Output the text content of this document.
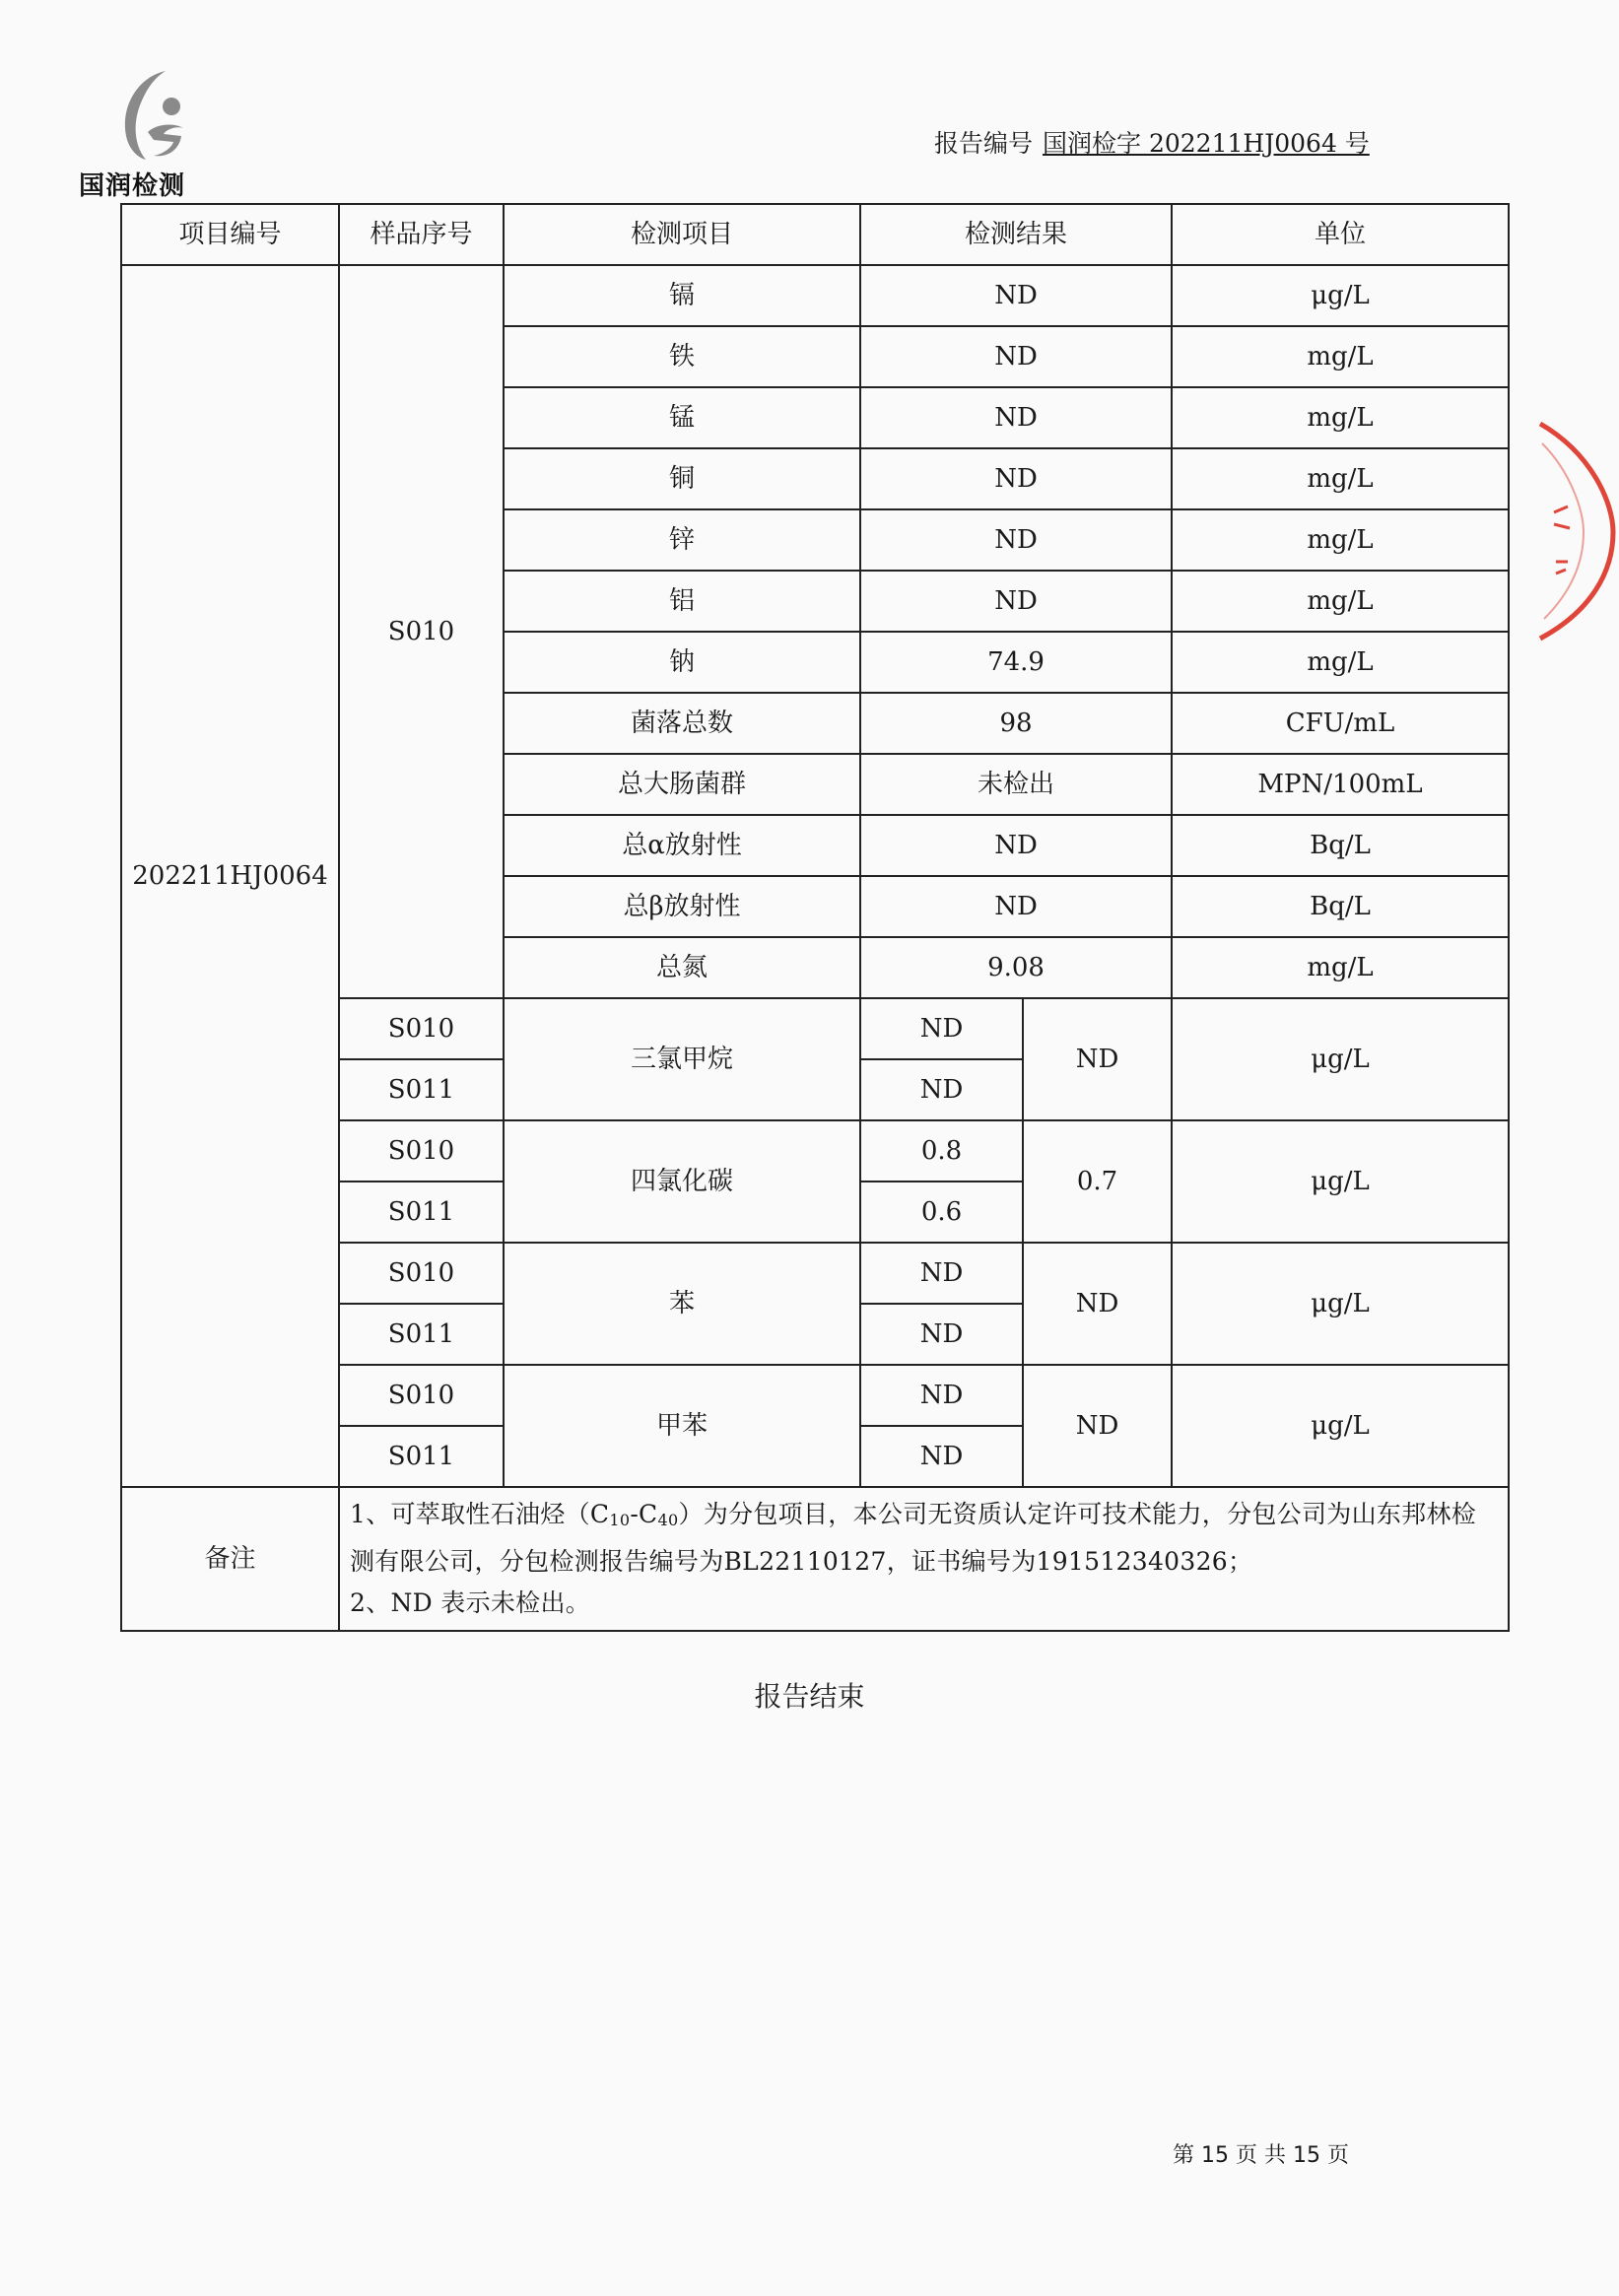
国润检测
报告编号 国润检字 202211HJ0064 号
项目编号	样品序号	检测项目	检测结果		单位
202211HJ0064	S010	镉	ND		μg/L
		铁	ND		mg/L
		锰	ND		mg/L
		铜	ND		mg/L
		锌	ND		mg/L
		铝	ND		mg/L
		钠	74.9		mg/L
		菌落总数	98		CFU/mL
		总大肠菌群	未检出		MPN/100mL
		总α放射性	ND		Bq/L
		总β放射性	ND		Bq/L
		总氮	9.08		mg/L
	S010	三氯甲烷	ND	ND	μg/L
	S011		ND		
	S010	四氯化碳	0.8	0.7	μg/L
	S011		0.6		
	S010	苯	ND	ND	μg/L
	S011		ND		
	S010	甲苯	ND	ND	μg/L
	S011		ND		
备注	1、可萃取性石油烃$(C_{10}-C_{40})$为分包项目，本公司无资质认定许可技术能力，分包公司为山东邦林检测有限公司，分包检测报告编号为BL22110127，证书编号为191512340326；
2、ND 表示未检出。				
报告结束
第 15 页 共 15 页
